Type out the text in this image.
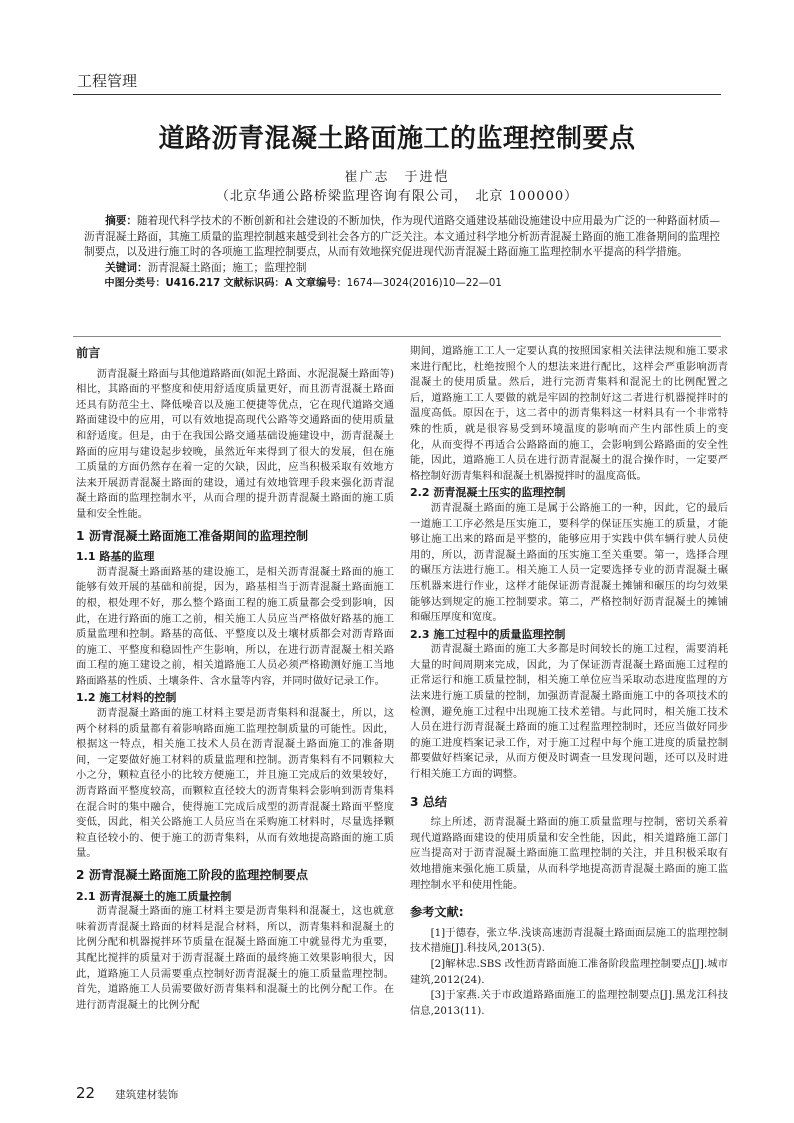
工程管理
道路沥青混凝土路面施工的监理控制要点
崔广志　于进恺
（北京华通公路桥梁监理咨询有限公司，　北京 100000）

摘要：随着现代科学技术的不断创新和社会建设的不断加快，作为现代道路交通建设基础设施建设中应用最为广泛的一种路面材质—沥青混凝土路面，其施工质量的监理控制越来越受到社会各方的广泛关注。本文通过科学地分析沥青混凝土路面的施工准备期间的监理控制要点，以及进行施工时的各项施工监理控制要点，从而有效地探究促进现代沥青混凝土路面施工监理控制水平提高的科学措施。

关键词：沥青混凝土路面；施工；监理控制

中图分类号：U416.217 文献标识码：A 文章编号：1674—3024(2016)10—22—01

前言

沥青混凝土路面与其他道路路面(如泥土路面、水泥混凝土路面等)相比，其路面的平整度和使用舒适度质量更好，而且沥青混凝土路面还具有防范尘土、降低噪音以及施工便捷等优点，它在现代道路交通路面建设中的应用，可以有效地提高现代公路等交通路面的使用质量和舒适度。但是，由于在我国公路交通基础设施建设中，沥青混凝土路面的应用与建设起步较晚，虽然近年来得到了很大的发展，但在施工质量的方面仍然存在着一定的欠缺，因此，应当积极采取有效地方法来开展沥青混凝土路面的建设，通过有效地管理手段来强化沥青混凝土路面的监理控制水平，从而合理的提升沥青混凝土路面的施工质量和安全性能。

1 沥青混凝土路面施工准备期间的监理控制
1.1 路基的监理

沥青混凝土路面路基的建设施工，是相关沥青混凝土路面的施工能够有效开展的基础和前提，因为，路基相当于沥青混凝土路面施工的根，根处理不好，那么整个路面工程的施工质量都会受到影响，因此，在进行路面的施工之前，相关施工人员应当严格做好路基的施工质量监理和控制。路基的高低、平整度以及土壤材质都会对沥青路面的施工、平整度和稳固性产生影响，所以，在进行沥青混凝土相关路面工程的施工建设之前，相关道路施工人员必须严格勘测好施工当地路面路基的性质、土壤条件、含水量等内容，并同时做好记录工作。

1.2 施工材料的控制

沥青混凝土路面的施工材料主要是沥青集料和混凝土，所以，这两个材料的质量都有着影响路面施工监理控制质量的可能性。因此，根据这一特点，相关施工技术人员在沥青混凝土路面施工的准备期间，一定要做好施工材料的质量监理和控制。沥青集料有不同颗粒大小之分，颗粒直径小的比较方便施工，并且施工完成后的效果较好，沥青路面平整度较高，而颗粒直径较大的沥青集料会影响到沥青集料在混合时的集中融合，使得施工完成后成型的沥青混凝土路面平整度变低，因此，相关公路施工人员应当在采购施工材料时，尽量选择颗粒直径较小的、便于施工的沥青集料，从而有效地提高路面的施工质量。

2 沥青混凝土路面施工阶段的监理控制要点
2.1 沥青混凝土的施工质量控制

沥青混凝土路面的施工材料主要是沥青集料和混凝土，这也就意味着沥青混凝土路面的材料是混合材料，所以，沥青集料和混凝土的比例分配和机器搅拌环节质量在混凝土路面施工中就显得尤为重要，其配比搅拌的质量对于沥青混凝土路面的最终施工效果影响很大，因此，道路施工人员需要重点控制好沥青混凝土的施工质量监理控制。首先，道路施工人员需要做好沥青集料和混凝土的比例分配工作。在进行沥青混凝土的比例分配

期间，道路施工工人一定要认真的按照国家相关法律法规和施工要求来进行配比，杜绝按照个人的想法来进行配比，这样会严重影响沥青混凝土的使用质量。然后，进行完沥青集料和混泥土的比例配置之后，道路施工工人要做的就是牢固的控制好这二者进行机器搅拌时的温度高低。原因在于，这二者中的沥青集料这一材料具有一个非常特殊的性质，就是很容易受到环境温度的影响而产生内部性质上的变化，从而变得不再适合公路路面的施工，会影响到公路路面的安全性能，因此，道路施工人员在进行沥青混凝土的混合操作时，一定要严格控制好沥青集料和混凝土机器搅拌时的温度高低。

2.2 沥青混凝土压实的监理控制

沥青混凝土路面的施工是属于公路施工的一种，因此，它的最后一道施工工序必然是压实施工，要科学的保证压实施工的质量，才能够让施工出来的路面是平整的，能够应用于实践中供车辆行驶人员使用的，所以，沥青混凝土路面的压实施工至关重要。第一，选择合理的碾压方法进行施工。相关施工人员一定要选择专业的沥青混凝土碾压机器来进行作业，这样才能保证沥青混凝土摊铺和碾压的均匀效果能够达到规定的施工控制要求。第二，严格控制好沥青混凝土的摊铺和碾压厚度和宽度。

2.3 施工过程中的质量监理控制

沥青混凝土路面的施工大多都是时间较长的施工过程，需要消耗大量的时间周期来完成，因此，为了保证沥青混凝土路面施工过程的正常运行和施工质量控制，相关施工单位应当采取动态进度监理的方法来进行施工质量的控制，加强沥青混凝土路面施工中的各项技术的检测，避免施工过程中出现施工技术差错。与此同时，相关施工技术人员在进行沥青混凝土路面的施工过程监理控制时，还应当做好同步的施工进度档案记录工作，对于施工过程中每个施工进度的质量控制都要做好档案记录，从而方便及时调查一旦发现问题，还可以及时进行相关施工方面的调整。

3 总结

综上所述，沥青混凝土路面的施工质量监理与控制，密切关系着现代道路路面建设的使用质量和安全性能，因此，相关道路施工部门应当提高对于沥青混凝土路面施工监理控制的关注，并且积极采取有效地措施来强化施工质量，从而科学地提高沥青混凝土路面的施工监理控制水平和使用性能。

参考文献:

[1]于德春，张立华.浅谈高速沥青混凝土路面面层施工的监理控制技术措施[J].科技风,2013(5).

[2]解林忠.SBS 改性沥青路面施工准备阶段监理控制要点[J].城市建筑,2012(24).

[3]于家燕.关于市政道路路面施工的监理控制要点[J].黑龙江科技信息,2013(11).

22 建筑建材装饰
